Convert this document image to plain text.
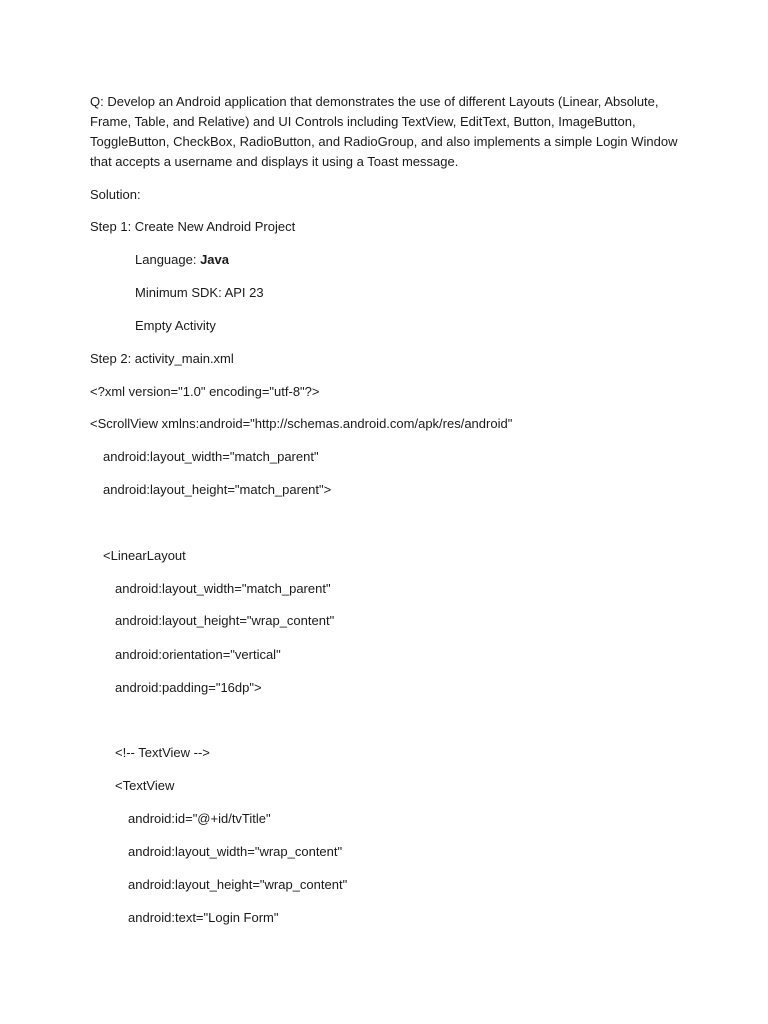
Q: Develop an Android application that demonstrates the use of different Layouts (Linear, Absolute, Frame, Table, and Relative) and UI Controls including TextView, EditText, Button, ImageButton, ToggleButton, CheckBox, RadioButton, and RadioGroup, and also implements a simple Login Window that accepts a username and displays it using a Toast message.

Solution:
Step 1: Create New Android Project
Language: Java
Minimum SDK: API 23
Empty Activity
Step 2: activity_main.xml
<?xml version="1.0" encoding="utf-8"?>
<ScrollView xmlns:android="http://schemas.android.com/apk/res/android"
android:layout_width="match_parent"
android:layout_height="match_parent">
<LinearLayout
android:layout_width="match_parent"
android:layout_height="wrap_content"
android:orientation="vertical"
android:padding="16dp">
<!-- TextView -->
<TextView
android:id="@+id/tvTitle"
android:layout_width="wrap_content"
android:layout_height="wrap_content"
android:text="Login Form"
